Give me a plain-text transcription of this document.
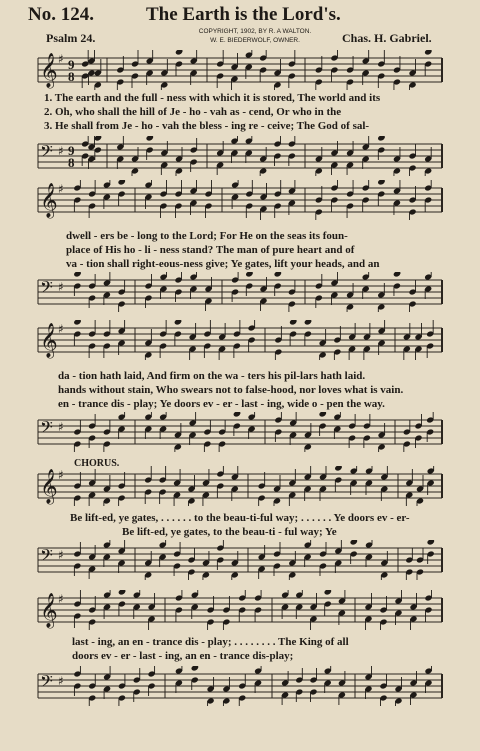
No. 124.	The Earth is the Lord's.
Psalm 24.	COPYRIGHT, 1902, BY R. A WALTON.
W. E. BIEDERWOLF, OWNER.	Chas. H. Gabriel.
𝄞 ♯ 9
8
1. The earth and the full - ness with which it is stored, The world and its
2. Oh, who shall the hill of Je - ho - vah as - cend, Or who in the
3. He shall from Je - ho - vah the bless - ing re - ceive; The God of sal-
𝄢 ♯ 9
8
𝄞 ♯
dwell - ers be - long to the Lord; For He on the seas its foun-
place of His ho - li - ness stand? The man of pure heart and of
va - tion shall right-eous-ness give; Ye gates, lift your heads, and an
𝄢 ♯
𝄞 ♯
da - tion hath laid, And firm on the wa - ters his pil-lars hath laid.
hands without stain, Who swears not to false-hood, nor loves what is vain.
en - trance dis - play; Ye doors ev - er - last - ing, wide o - pen the way.
𝄢 ♯
CHORUS.
𝄞 ♯
Be lift-ed, ye gates, . . . . . . to the beau-ti-ful way; . . . . . . Ye doors ev - er-
Be lift-ed, ye gates, to the beau-ti - ful way; Ye
𝄢 ♯
𝄞 ♯
last - ing, an en - trance dis - play; . . . . . . . . The King of all
doors ev - er - last - ing, an en - trance dis-play;
𝄢 ♯
